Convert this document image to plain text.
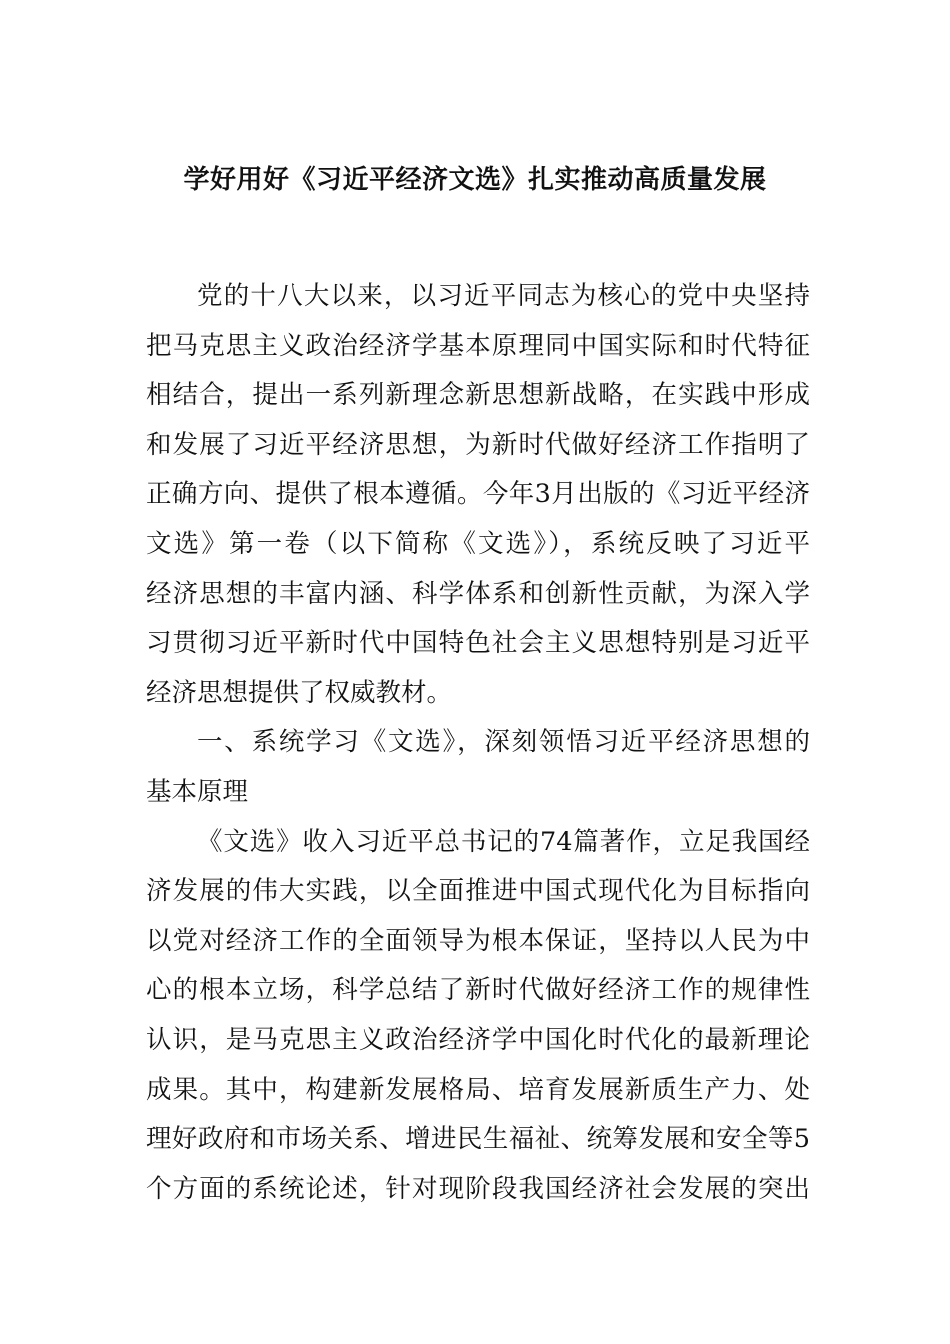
学好用好《习近平经济文选》扎实推动高质量发展
党的十八大以来，以习近平同志为核心的党中央坚持
把马克思主义政治经济学基本原理同中国实际和时代特征
相结合，提出一系列新理念新思想新战略，在实践中形成
和发展了习近平经济思想，为新时代做好经济工作指明了
正确方向、提供了根本遵循。今年3月出版的《习近平经济
文选》第一卷（以下简称《文选》），系统反映了习近平
经济思想的丰富内涵、科学体系和创新性贡献，为深入学
习贯彻习近平新时代中国特色社会主义思想特别是习近平
经济思想提供了权威教材。
一、系统学习《文选》，深刻领悟习近平经济思想的
基本原理
《文选》收入习近平总书记的74篇著作，立足我国经
济发展的伟大实践，以全面推进中国式现代化为目标指向
以党对经济工作的全面领导为根本保证，坚持以人民为中
心的根本立场，科学总结了新时代做好经济工作的规律性
认识，是马克思主义政治经济学中国化时代化的最新理论
成果。其中，构建新发展格局、培育发展新质生产力、处
理好政府和市场关系、增进民生福祉、统筹发展和安全等5
个方面的系统论述，针对现阶段我国经济社会发展的突出
